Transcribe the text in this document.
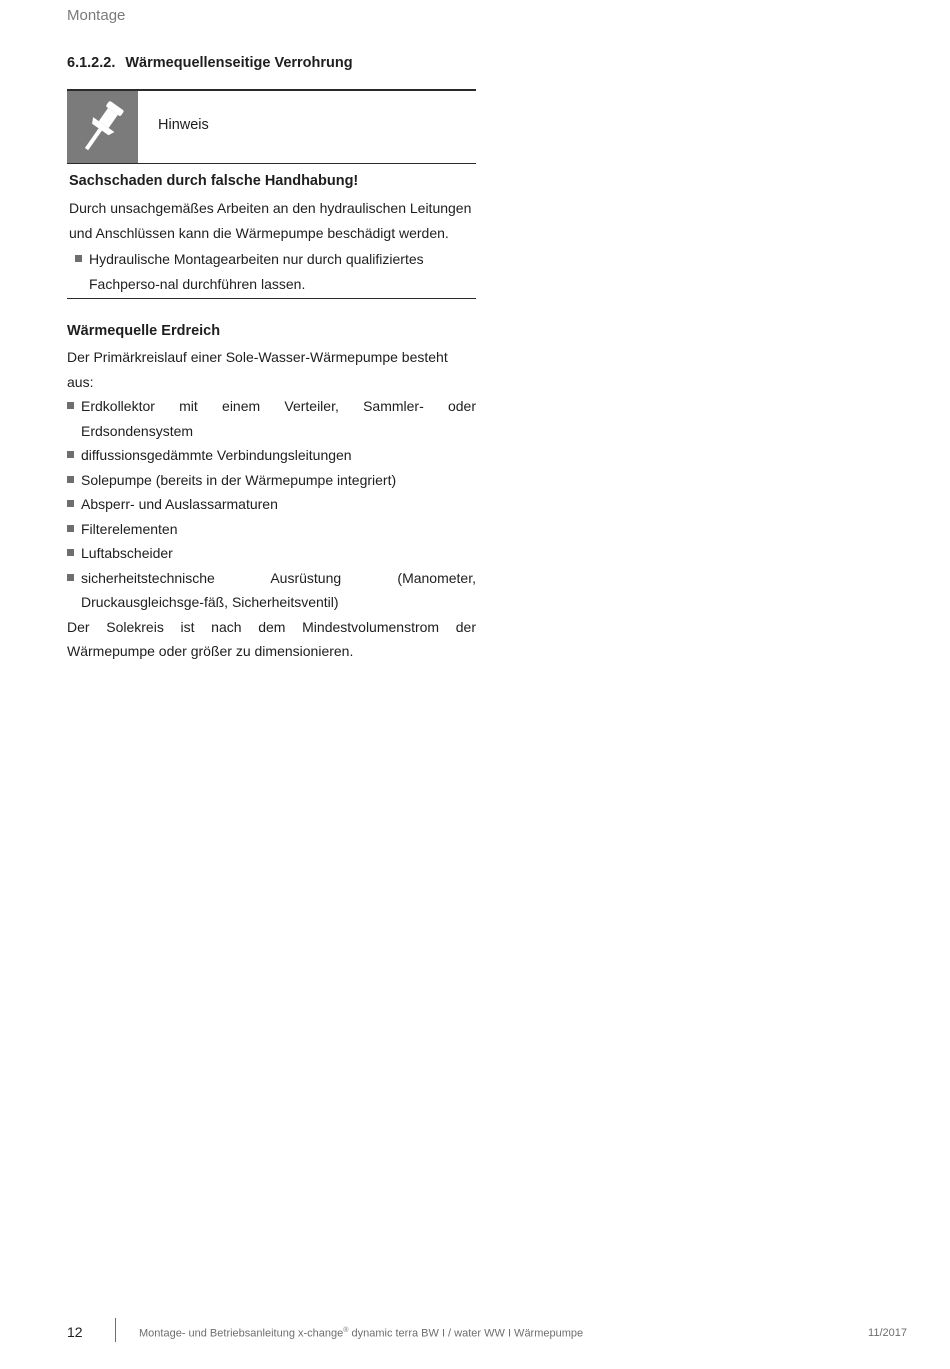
Montage
6.1.2.2. Wärmequellenseitige Verrohrung
Hinweis

Sachschaden durch falsche Handhabung!

Durch unsachgemäßes Arbeiten an den hydraulischen Leitungen und Anschlüssen kann die Wärmepumpe beschädigt werden.

Hydraulische Montagearbeiten nur durch qualifiziertes Fachperso-nal durchführen lassen.
Wärmequelle Erdreich

Der Primärkreislauf einer Sole-Wasser-Wärmepumpe besteht aus:

Erdkollektor mit einem Verteiler, Sammler- oder Erdsondensystem
diffussionsgedämmte Verbindungsleitungen
Solepumpe (bereits in der Wärmepumpe integriert)
Absperr- und Auslassarmaturen
Filterelementen
Luftabscheider
sicherheitstechnische Ausrüstung (Manometer, Druckausgleichsge-fäß, Sicherheitsventil)

Der Solekreis ist nach dem Mindestvolumenstrom der Wärmepumpe oder größer zu dimensionieren.

12	Montage- und Betriebsanleitung x-change® dynamic terra BW I / water WW I Wärmepumpe	11/2017
